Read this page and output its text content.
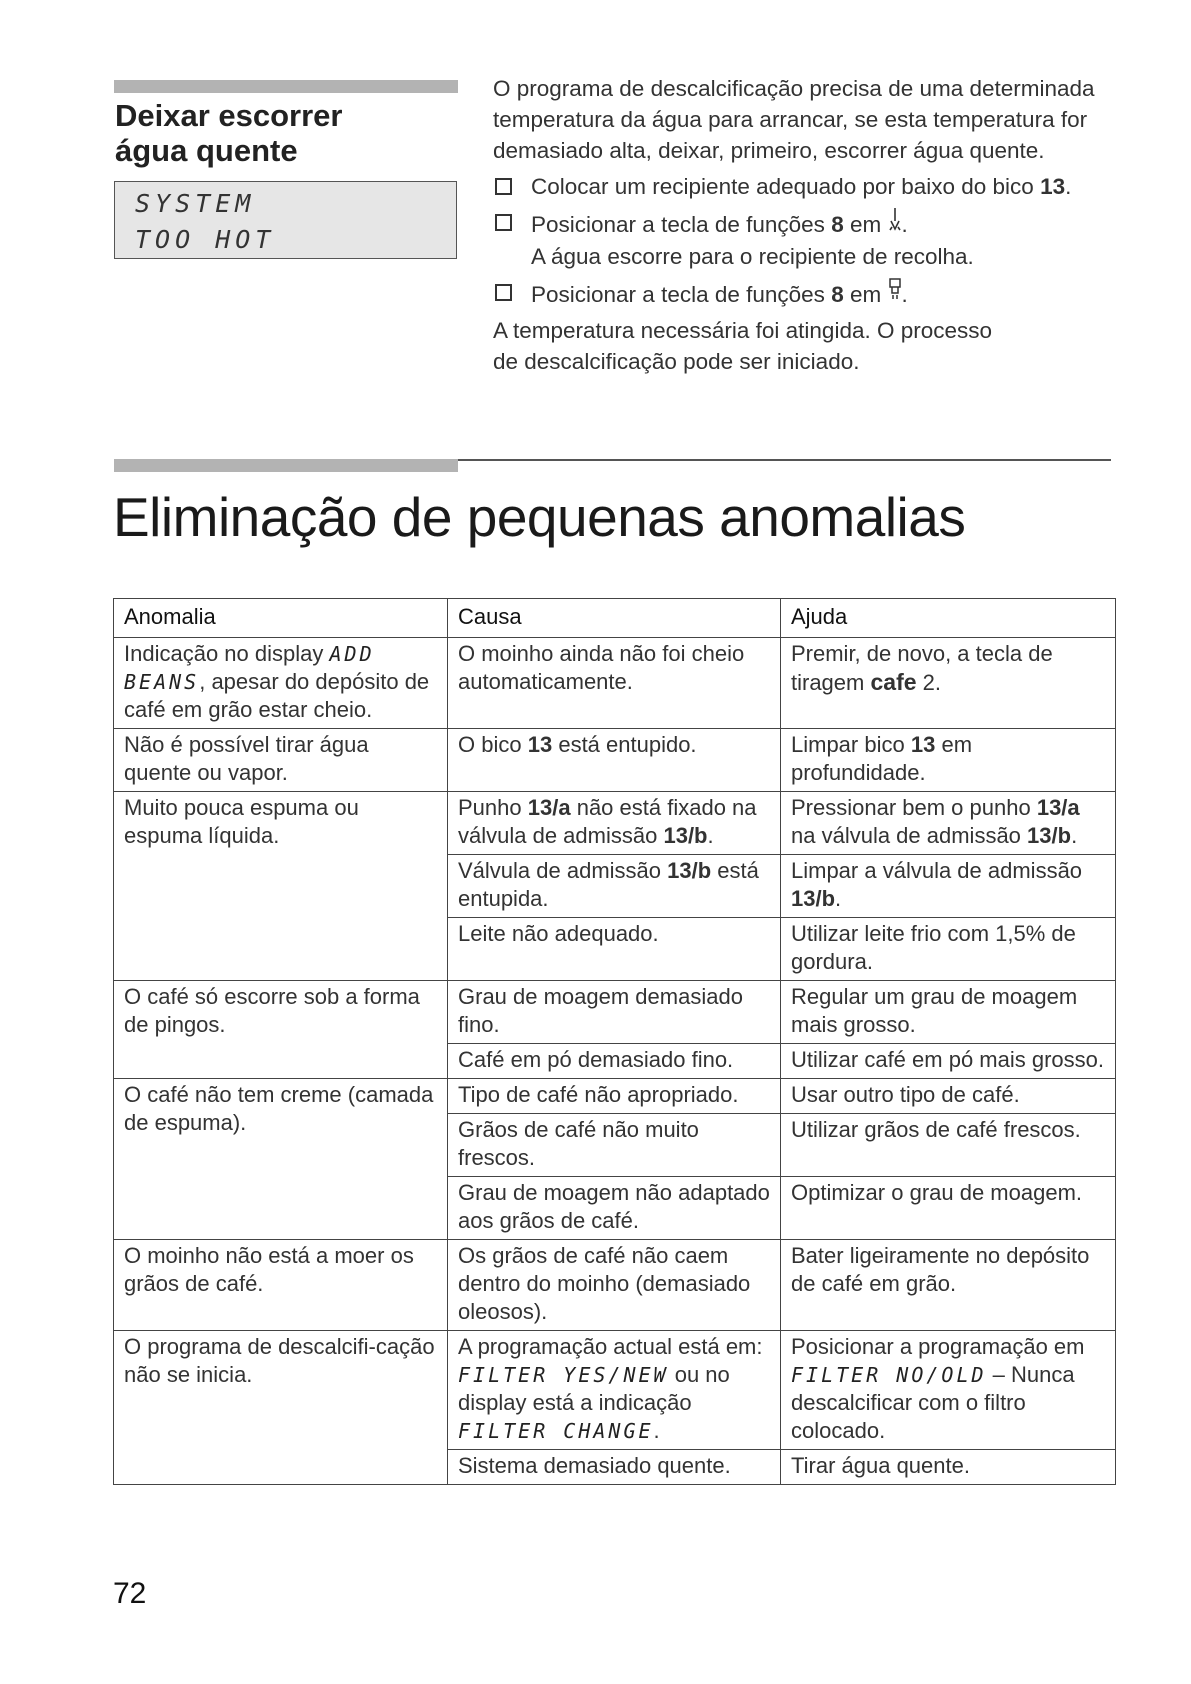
Deixar escorrer
água quente
SYSTEM
TOO HOT

O programa de descalcificação precisa de uma determinada temperatura da água para arrancar, se esta temperatura for demasiado alta, deixar, primeiro, escorrer água quente.

Colocar um recipiente adequado por baixo do bico 13.
Posicionar a tecla de funções 8 em .
A água escorre para o recipiente de recolha.
Posicionar a tecla de funções 8 em .

A temperatura necessária foi atingida. O processo

de descalcificação pode ser iniciado.

Eliminação de pequenas anomalias
Anomalia	Causa	Ajuda
Indicação no display ADD BEANS, apesar do depósito de café em grão estar cheio.	O moinho ainda não foi cheio automaticamente.	Premir, de novo, a tecla de tiragem cafe 2.
Não é possível tirar água quente ou vapor.	O bico 13 está entupido.	Limpar bico 13 em profundidade.
Muito pouca espuma ou espuma líquida.	Punho 13/a não está fixado na válvula de admissão 13/b.	Pressionar bem o punho 13/a na válvula de admissão 13/b.
	Válvula de admissão 13/b está entupida.	Limpar a válvula de admissão 13/b.
	Leite não adequado.	Utilizar leite frio com 1,5% de gordura.
O café só escorre sob a forma de pingos.	Grau de moagem demasiado fino.	Regular um grau de moagem mais grosso.
	Café em pó demasiado fino.	Utilizar café em pó mais grosso.
O café não tem creme (camada de espuma).	Tipo de café não apropriado.	Usar outro tipo de café.
	Grãos de café não muito frescos.	Utilizar grãos de café frescos.
	Grau de moagem não adaptado aos grãos de café.	Optimizar o grau de moagem.
O moinho não está a moer os grãos de café.	Os grãos de café não caem dentro do moinho (demasiado oleosos).	Bater ligeiramente no depósito de café em grão.
O programa de descalcifi-cação não se inicia.	A programação actual está em: FILTER YES/NEW ou no display está a indicação FILTER CHANGE.	Posicionar a programação em FILTER NO/OLD – Nunca descalcificar com o filtro colocado.
	Sistema demasiado quente.	Tirar água quente.
72
